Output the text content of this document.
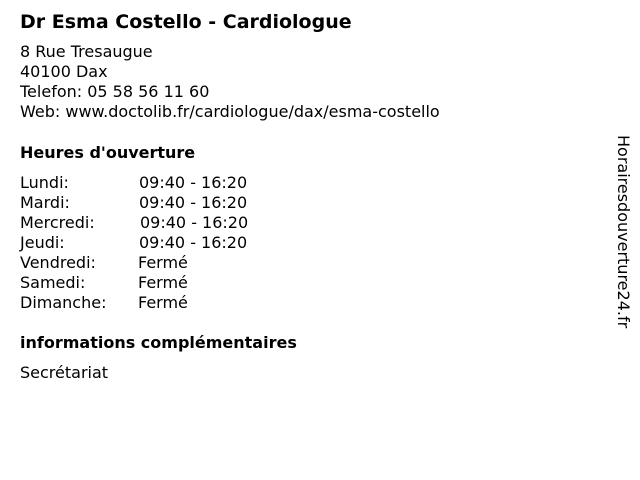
Dr Esma Costello - Cardiologue
8 Rue Tresaugue
40100 Dax
Telefon: 05 58 56 11 60
Web: www.doctolib.fr/cardiologue/dax/esma-costello
Heures d'ouverture
Lundi:	09:40 - 16:20
Mardi:	09:40 - 16:20
Mercredi:	09:40 - 16:20
Jeudi:	09:40 - 16:20
Vendredi:	Fermé
Samedi:	Fermé
Dimanche: Fermé
informations complémentaires
Secrétariat
Horairesdouverture24.fr
